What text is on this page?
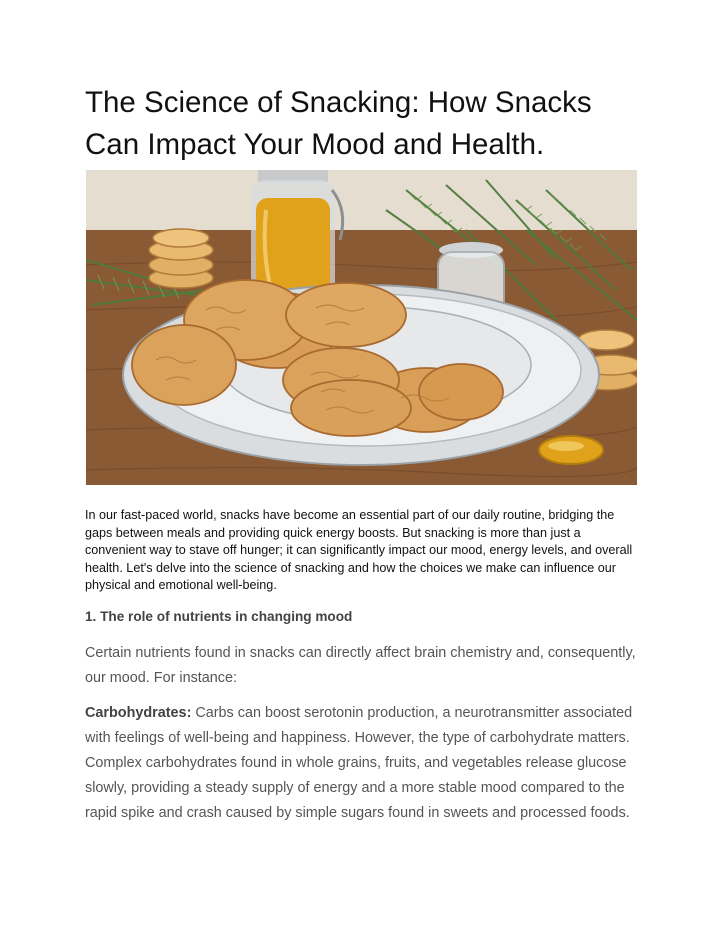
The Science of Snacking: How Snacks Can Impact Your Mood and Health.

In our fast-paced world, snacks have become an essential part of our daily routine, bridging the gaps between meals and providing quick energy boosts. But snacking is more than just a convenient way to stave off hunger; it can significantly impact our mood, energy levels, and overall health. Let's delve into the science of snacking and how the choices we make can influence our physical and emotional well-being.

1. The role of nutrients in changing mood

Certain nutrients found in snacks can directly affect brain chemistry and, consequently, our mood. For instance:

Carbohydrates: Carbs can boost serotonin production, a neurotransmitter associated with feelings of well-being and happiness. However, the type of carbohydrate matters. Complex carbohydrates found in whole grains, fruits, and vegetables release glucose slowly, providing a steady supply of energy and a more stable mood compared to the rapid spike and crash caused by simple sugars found in sweets and processed foods.
